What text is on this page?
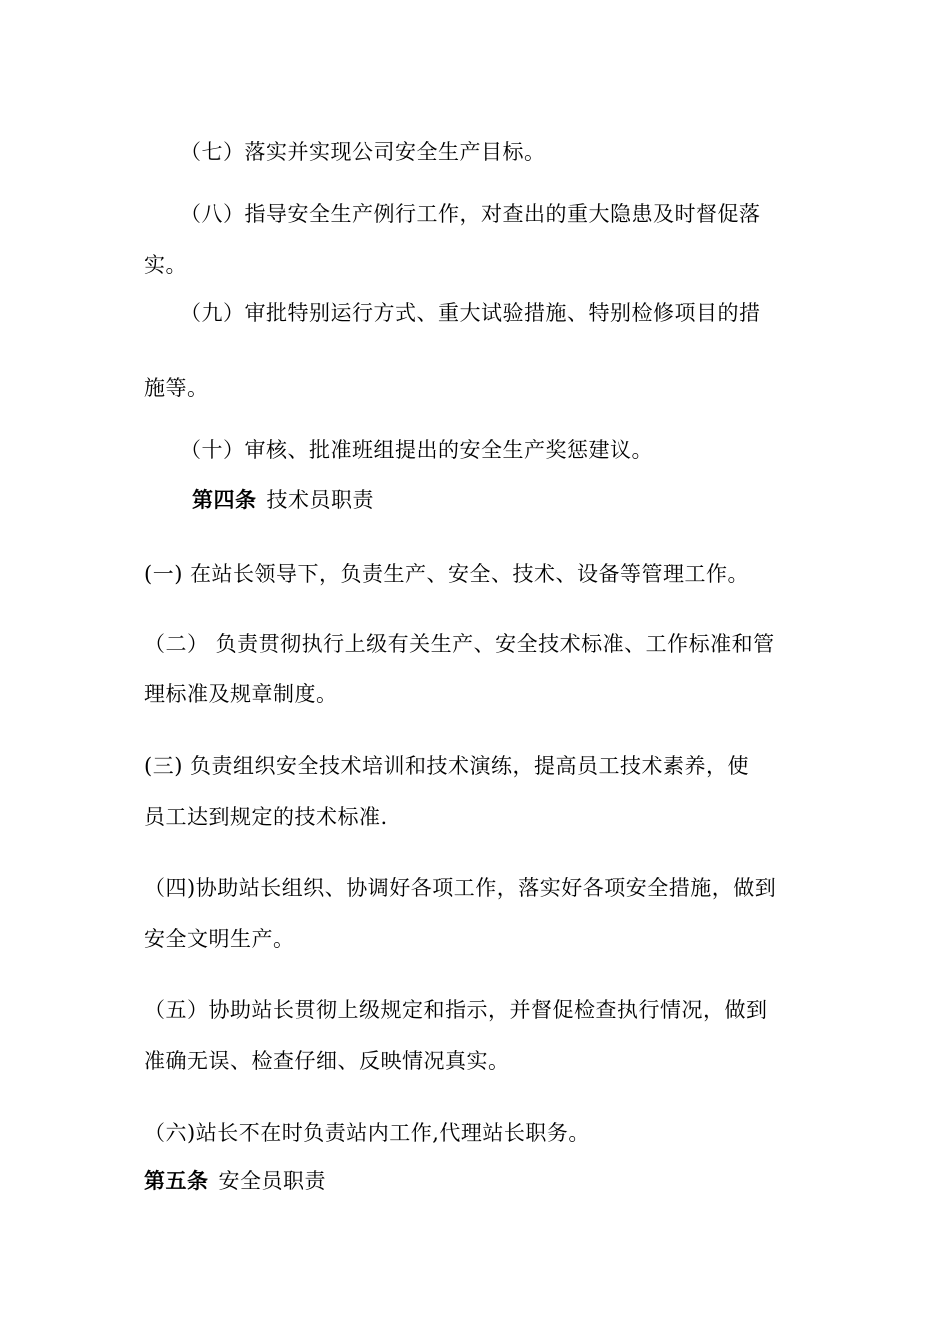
（七）落实并实现公司安全生产目标。
（八）指导安全生产例行工作，对查出的重大隐患及时督促落
实。
（九）审批特别运行方式、重大试验措施、特别检修项目的措
施等。
（十）审核、批准班组提出的安全生产奖惩建议。
第四条 技术员职责
(一) 在站长领导下，负责生产、安全、技术、设备等管理工作。
（二） 负责贯彻执行上级有关生产、安全技术标准、工作标准和管
理标准及规章制度。
(三) 负责组织安全技术培训和技术演练，提高员工技术素养，使
员工达到规定的技术标准.
（四)协助站长组织、协调好各项工作，落实好各项安全措施，做到
安全文明生产。
（五）协助站长贯彻上级规定和指示，并督促检查执行情况，做到
准确无误、检查仔细、反映情况真实。
（六)站长不在时负责站内工作,代理站长职务。
第五条 安全员职责
